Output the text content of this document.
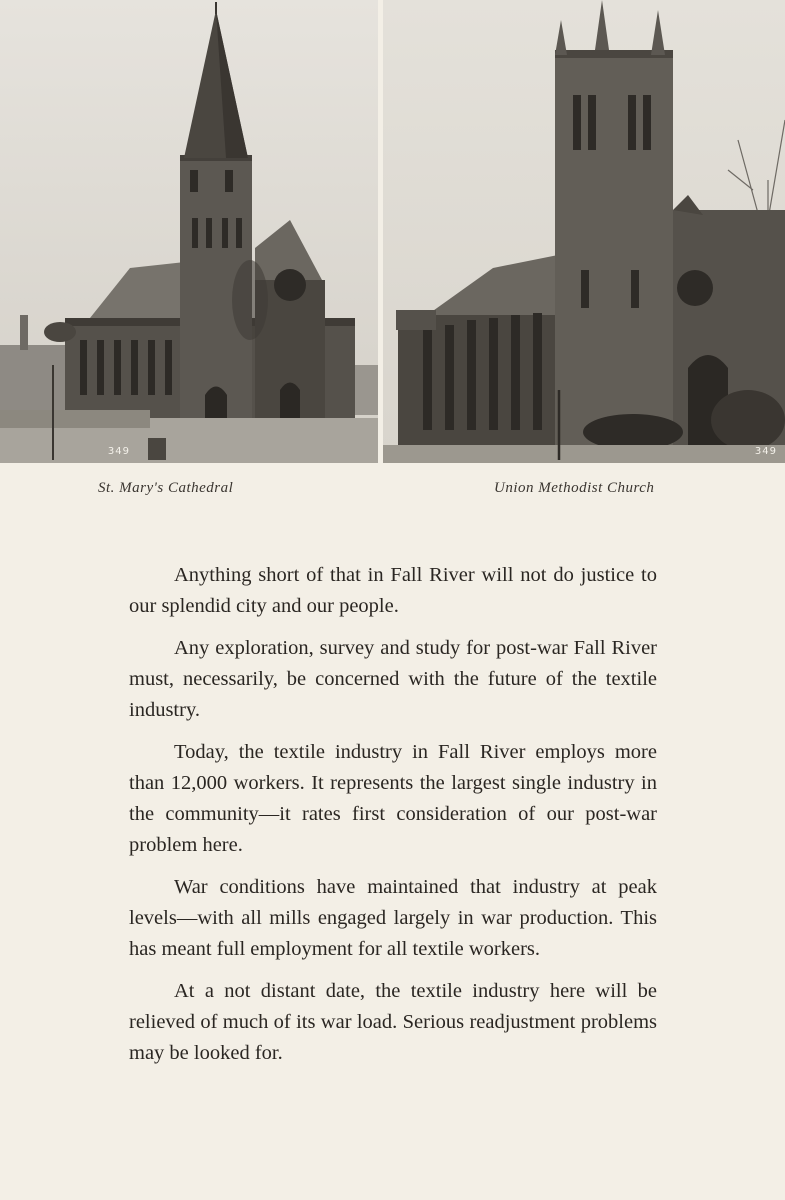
349	349
St. Mary's Cathedral	Union Methodist Church

Anything short of that in Fall River will not do justice to our splendid city and our people.

Any exploration, survey and study for post-war Fall River must, necessarily, be concerned with the future of the textile industry.

Today, the textile industry in Fall River employs more than 12,000 workers. It represents the largest single industry in the community—it rates first consideration of our post-war problem here.

War conditions have maintained that industry at peak levels—with all mills engaged largely in war production. This has meant full employment for all textile workers.

At a not distant date, the textile industry here will be relieved of much of its war load. Serious readjustment problems may be looked for.
